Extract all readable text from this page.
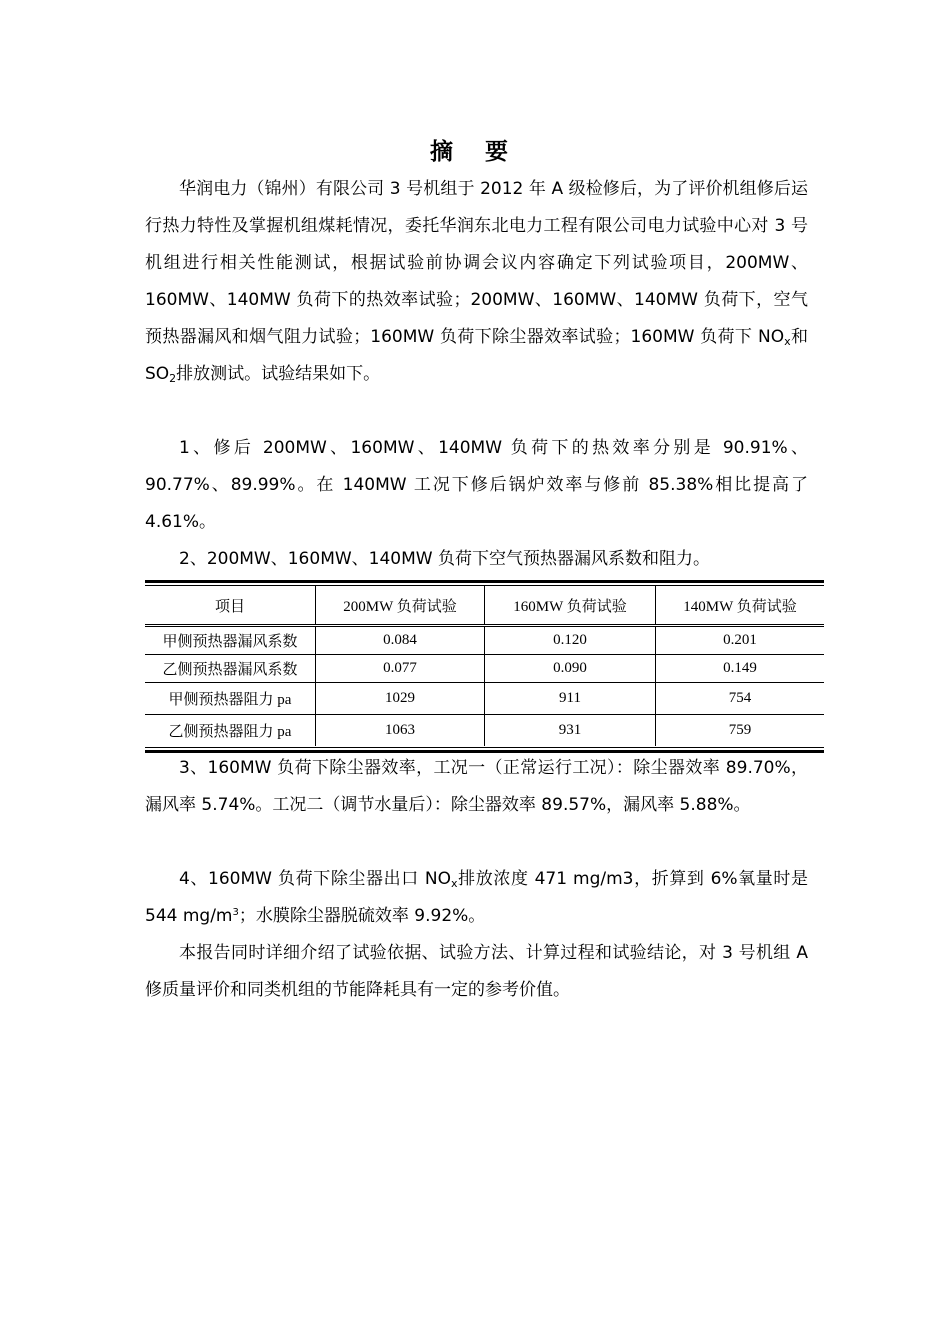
摘 要

华润电力（锦州）有限公司 3 号机组于 2012 年 A 级检修后，为了评价机组修后运行热力特性及掌握机组煤耗情况，委托华润东北电力工程有限公司电力试验中心对 3 号机组进行相关性能测试，根据试验前协调会议内容确定下列试验项目，200MW、160MW、140MW 负荷下的热效率试验；200MW、160MW、140MW 负荷下，空气预热器漏风和烟气阻力试验；160MW 负荷下除尘器效率试验；160MW 负荷下 $NO_x$和 $SO_2$排放测试。试验结果如下。

1、修后 200MW、160MW、140MW 负荷下的热效率分别是 90.91%、90.77%、89.99%。在 140MW 工况下修后锅炉效率与修前 85.38%相比提高了 4.61%。

2、200MW、160MW、140MW 负荷下空气预热器漏风系数和阻力。

项目	200MW 负荷试验	160MW 负荷试验	140MW 负荷试验
甲侧预热器漏风系数	0.084	0.120	0.201
乙侧预热器漏风系数	0.077	0.090	0.149
甲侧预热器阻力 pa	1029	911	754
乙侧预热器阻力 pa	1063	931	759

3、160MW 负荷下除尘器效率，工况一（正常运行工况）：除尘器效率 89.70%，漏风率 5.74%。工况二（调节水量后）：除尘器效率 89.57%，漏风率 5.88%。

4、160MW 负荷下除尘器出口 $NO_x$排放浓度 471 mg/m3，折算到 6%氧量时是 544 $mg/m^3$；水膜除尘器脱硫效率 9.92%。

本报告同时详细介绍了试验依据、试验方法、计算过程和试验结论，对 3 号机组 A 修质量评价和同类机组的节能降耗具有一定的参考价值。
